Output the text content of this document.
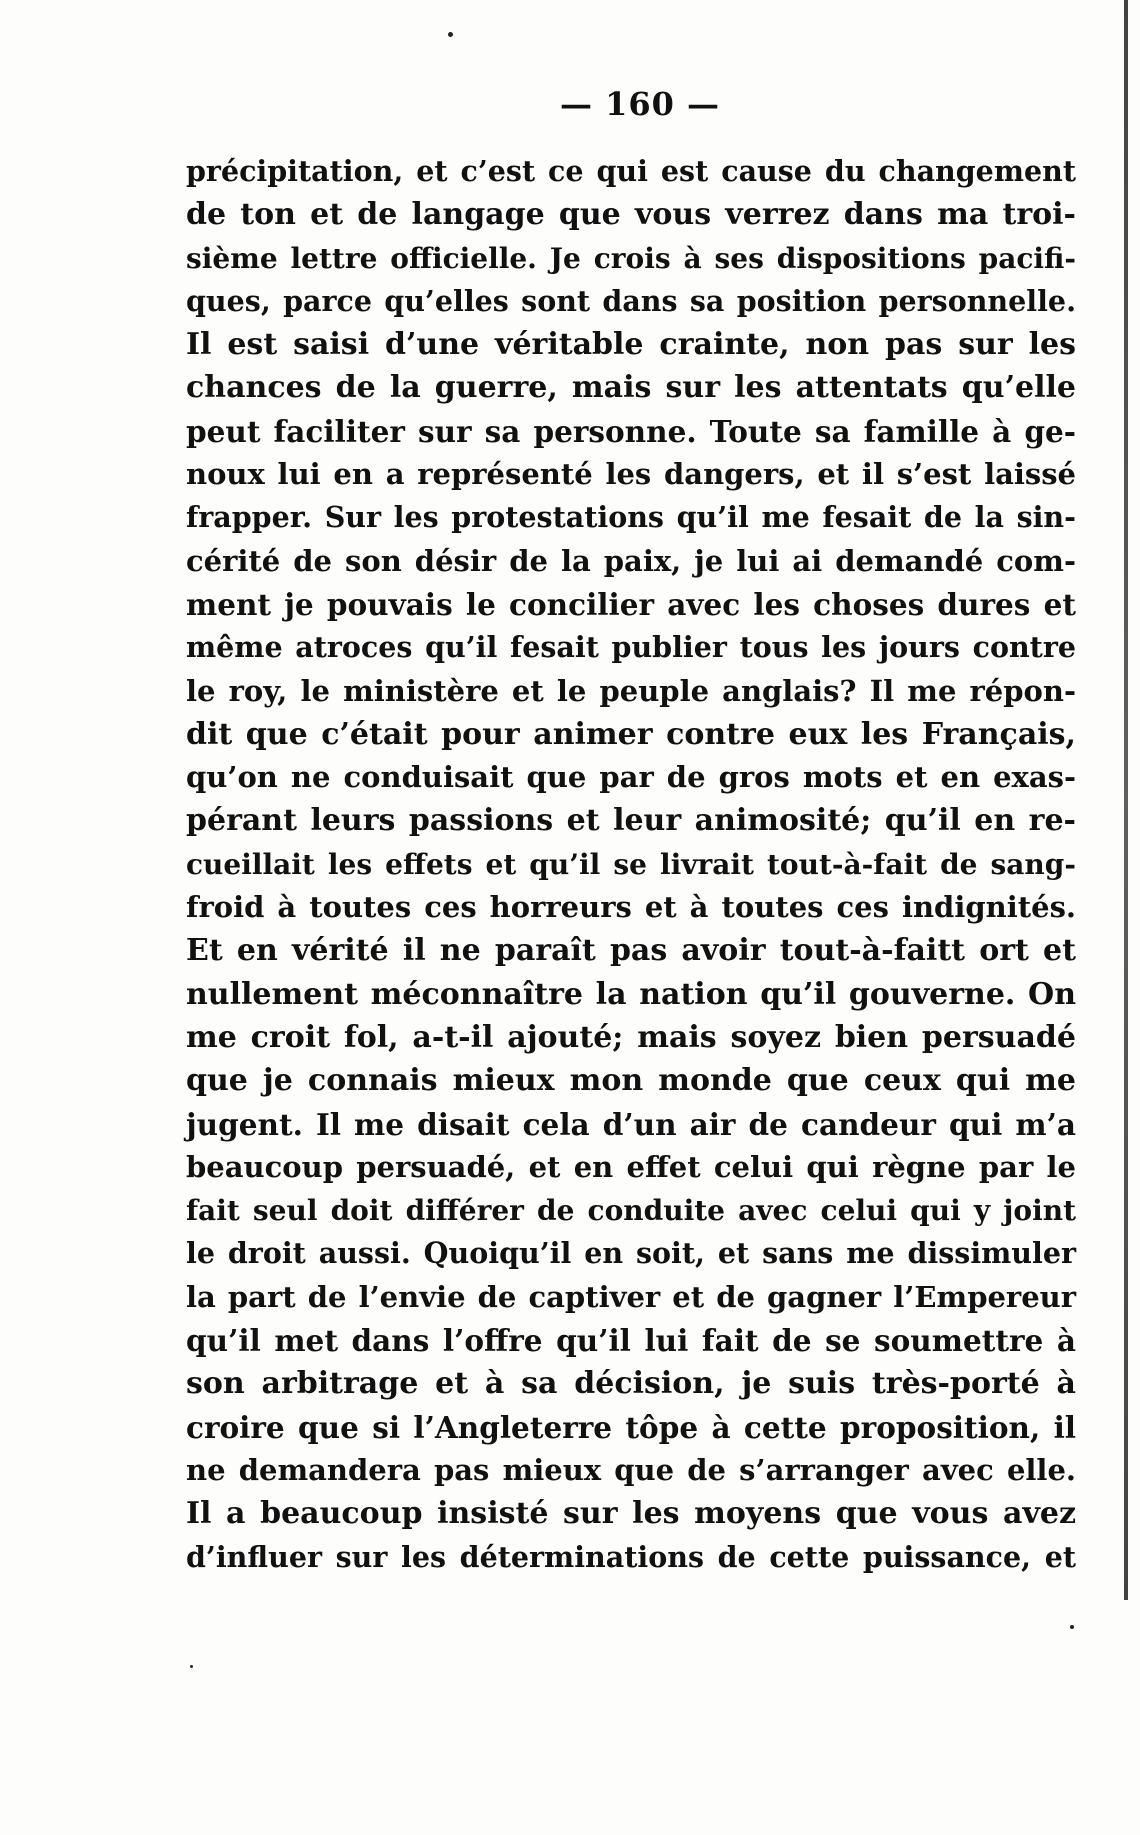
— 160 —
précipitation, et c’est ce qui est cause du changement
de ton et de langage que vous verrez dans ma troi-
sième lettre officielle. Je crois à ses dispositions pacifi-
ques, parce qu’elles sont dans sa position personnelle.
Il est saisi d’une véritable crainte, non pas sur les
chances de la guerre, mais sur les attentats qu’elle
peut faciliter sur sa personne. Toute sa famille à ge-
noux lui en a représenté les dangers, et il s’est laissé
frapper. Sur les protestations qu’il me fesait de la sin-
cérité de son désir de la paix, je lui ai demandé com-
ment je pouvais le concilier avec les choses dures et
même atroces qu’il fesait publier tous les jours contre
le roy, le ministère et le peuple anglais? Il me répon-
dit que c’était pour animer contre eux les Français,
qu’on ne conduisait que par de gros mots et en exas-
pérant leurs passions et leur animosité; qu’il en re-
cueillait les effets et qu’il se livrait tout-à-fait de sang-
froid à toutes ces horreurs et à toutes ces indignités.
Et en vérité il ne paraît pas avoir tout-à-faitt ort et
nullement méconnaître la nation qu’il gouverne. On
me croit fol, a-t-il ajouté; mais soyez bien persuadé
que je connais mieux mon monde que ceux qui me
jugent. Il me disait cela d’un air de candeur qui m’a
beaucoup persuadé, et en effet celui qui règne par le
fait seul doit différer de conduite avec celui qui y joint
le droit aussi. Quoiqu’il en soit, et sans me dissimuler
la part de l’envie de captiver et de gagner l’Empereur
qu’il met dans l’offre qu’il lui fait de se soumettre à
son arbitrage et à sa décision, je suis très-porté à
croire que si l’Angleterre tôpe à cette proposition, il
ne demandera pas mieux que de s’arranger avec elle.
Il a beaucoup insisté sur les moyens que vous avez
d’influer sur les déterminations de cette puissance, et
